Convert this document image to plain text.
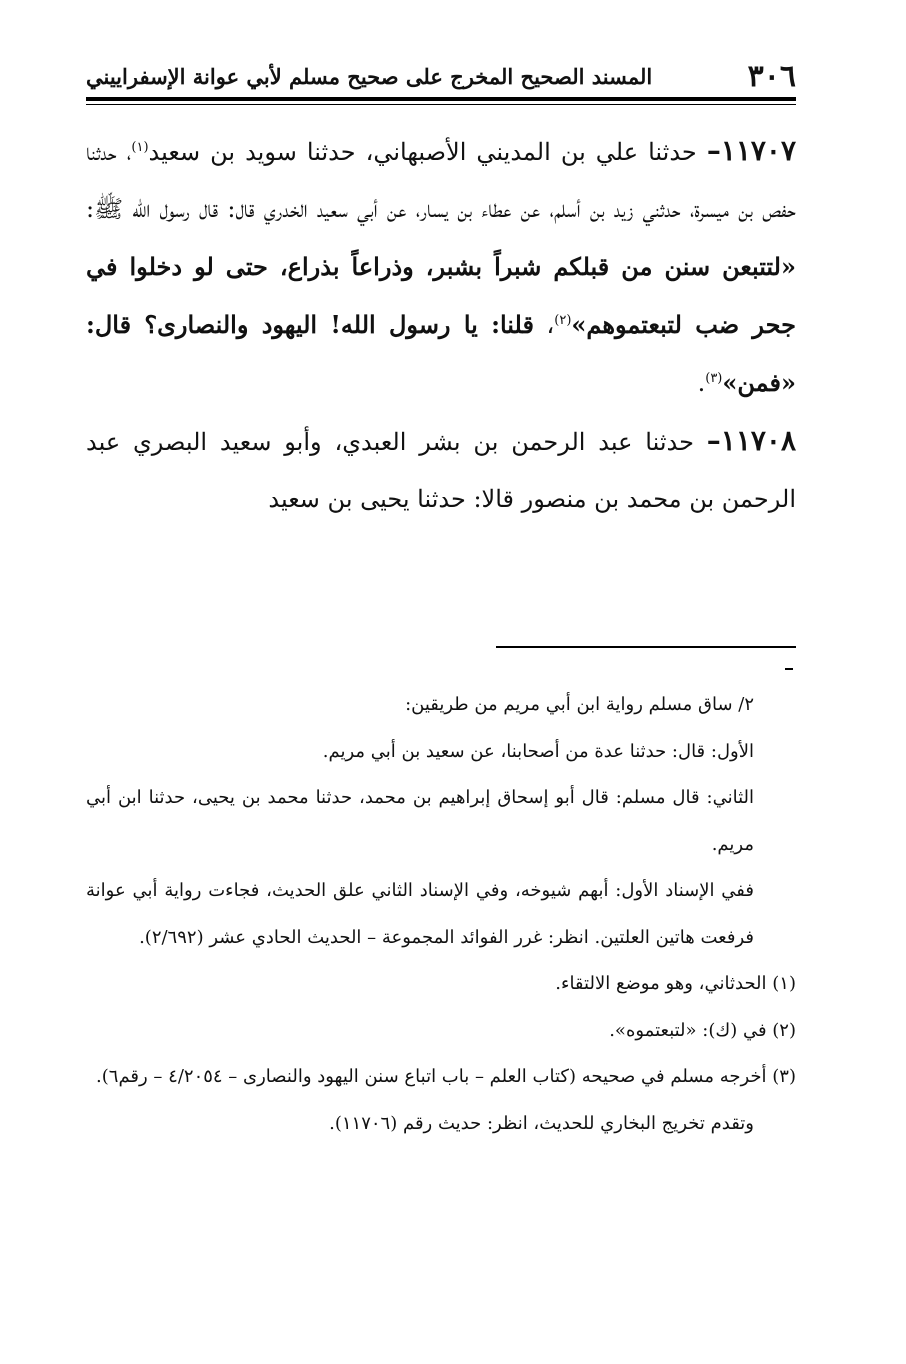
٣٠٦
المسند الصحيح المخرج على صحيح مسلم لأبي عوانة الإسفراييني

١١٧٠٧– حدثنا علي بن المديني الأصبهاني، حدثنا سويد بن سعيد$^{(١)}$، حدثنا حفص بن ميسرة، حدثني زيد بن أسلم، عن عطاء بن يسار، عن أبي سعيد الخدري قال: قال رسول الله ﷺ: «لتتبعن سنن من قبلكم شبراً بشبر، وذراعاً بذراع، حتى لو دخلوا في جحر ضب لتبعتموهم»$^{(٢)}$، قلنا: يا رسول الله! اليهود والنصارى؟ قال: «فمن»$^{(٣)}$.

١١٧٠٨– حدثنا عبد الرحمن بن بشر العبدي، وأبو سعيد البصري عبد الرحمن بن محمد بن منصور قالا: حدثنا يحيى بن سعيد

٢/ ساق مسلم رواية ابن أبي مريم من طريقين:

الأول: قال: حدثنا عدة من أصحابنا، عن سعيد بن أبي مريم.

الثاني: قال مسلم: قال أبو إسحاق إبراهيم بن محمد، حدثنا محمد بن يحيى، حدثنا ابن أبي مريم.

ففي الإسناد الأول: أبهم شيوخه، وفي الإسناد الثاني علق الحديث، فجاءت رواية أبي عوانة فرفعت هاتين العلتين. انظر: غرر الفوائد المجموعة – الحديث الحادي عشر (٢/٦٩٢).

(١) الحدثاني، وهو موضع الالتقاء.

(٢) في (ك): «لتبعتموه».

(٣) أخرجه مسلم في صحيحه (كتاب العلم – باب اتباع سنن اليهود والنصارى – ٤/٢٠٥٤ – رقم٦).

وتقدم تخريج البخاري للحديث، انظر: حديث رقم (١١٧٠٦).
